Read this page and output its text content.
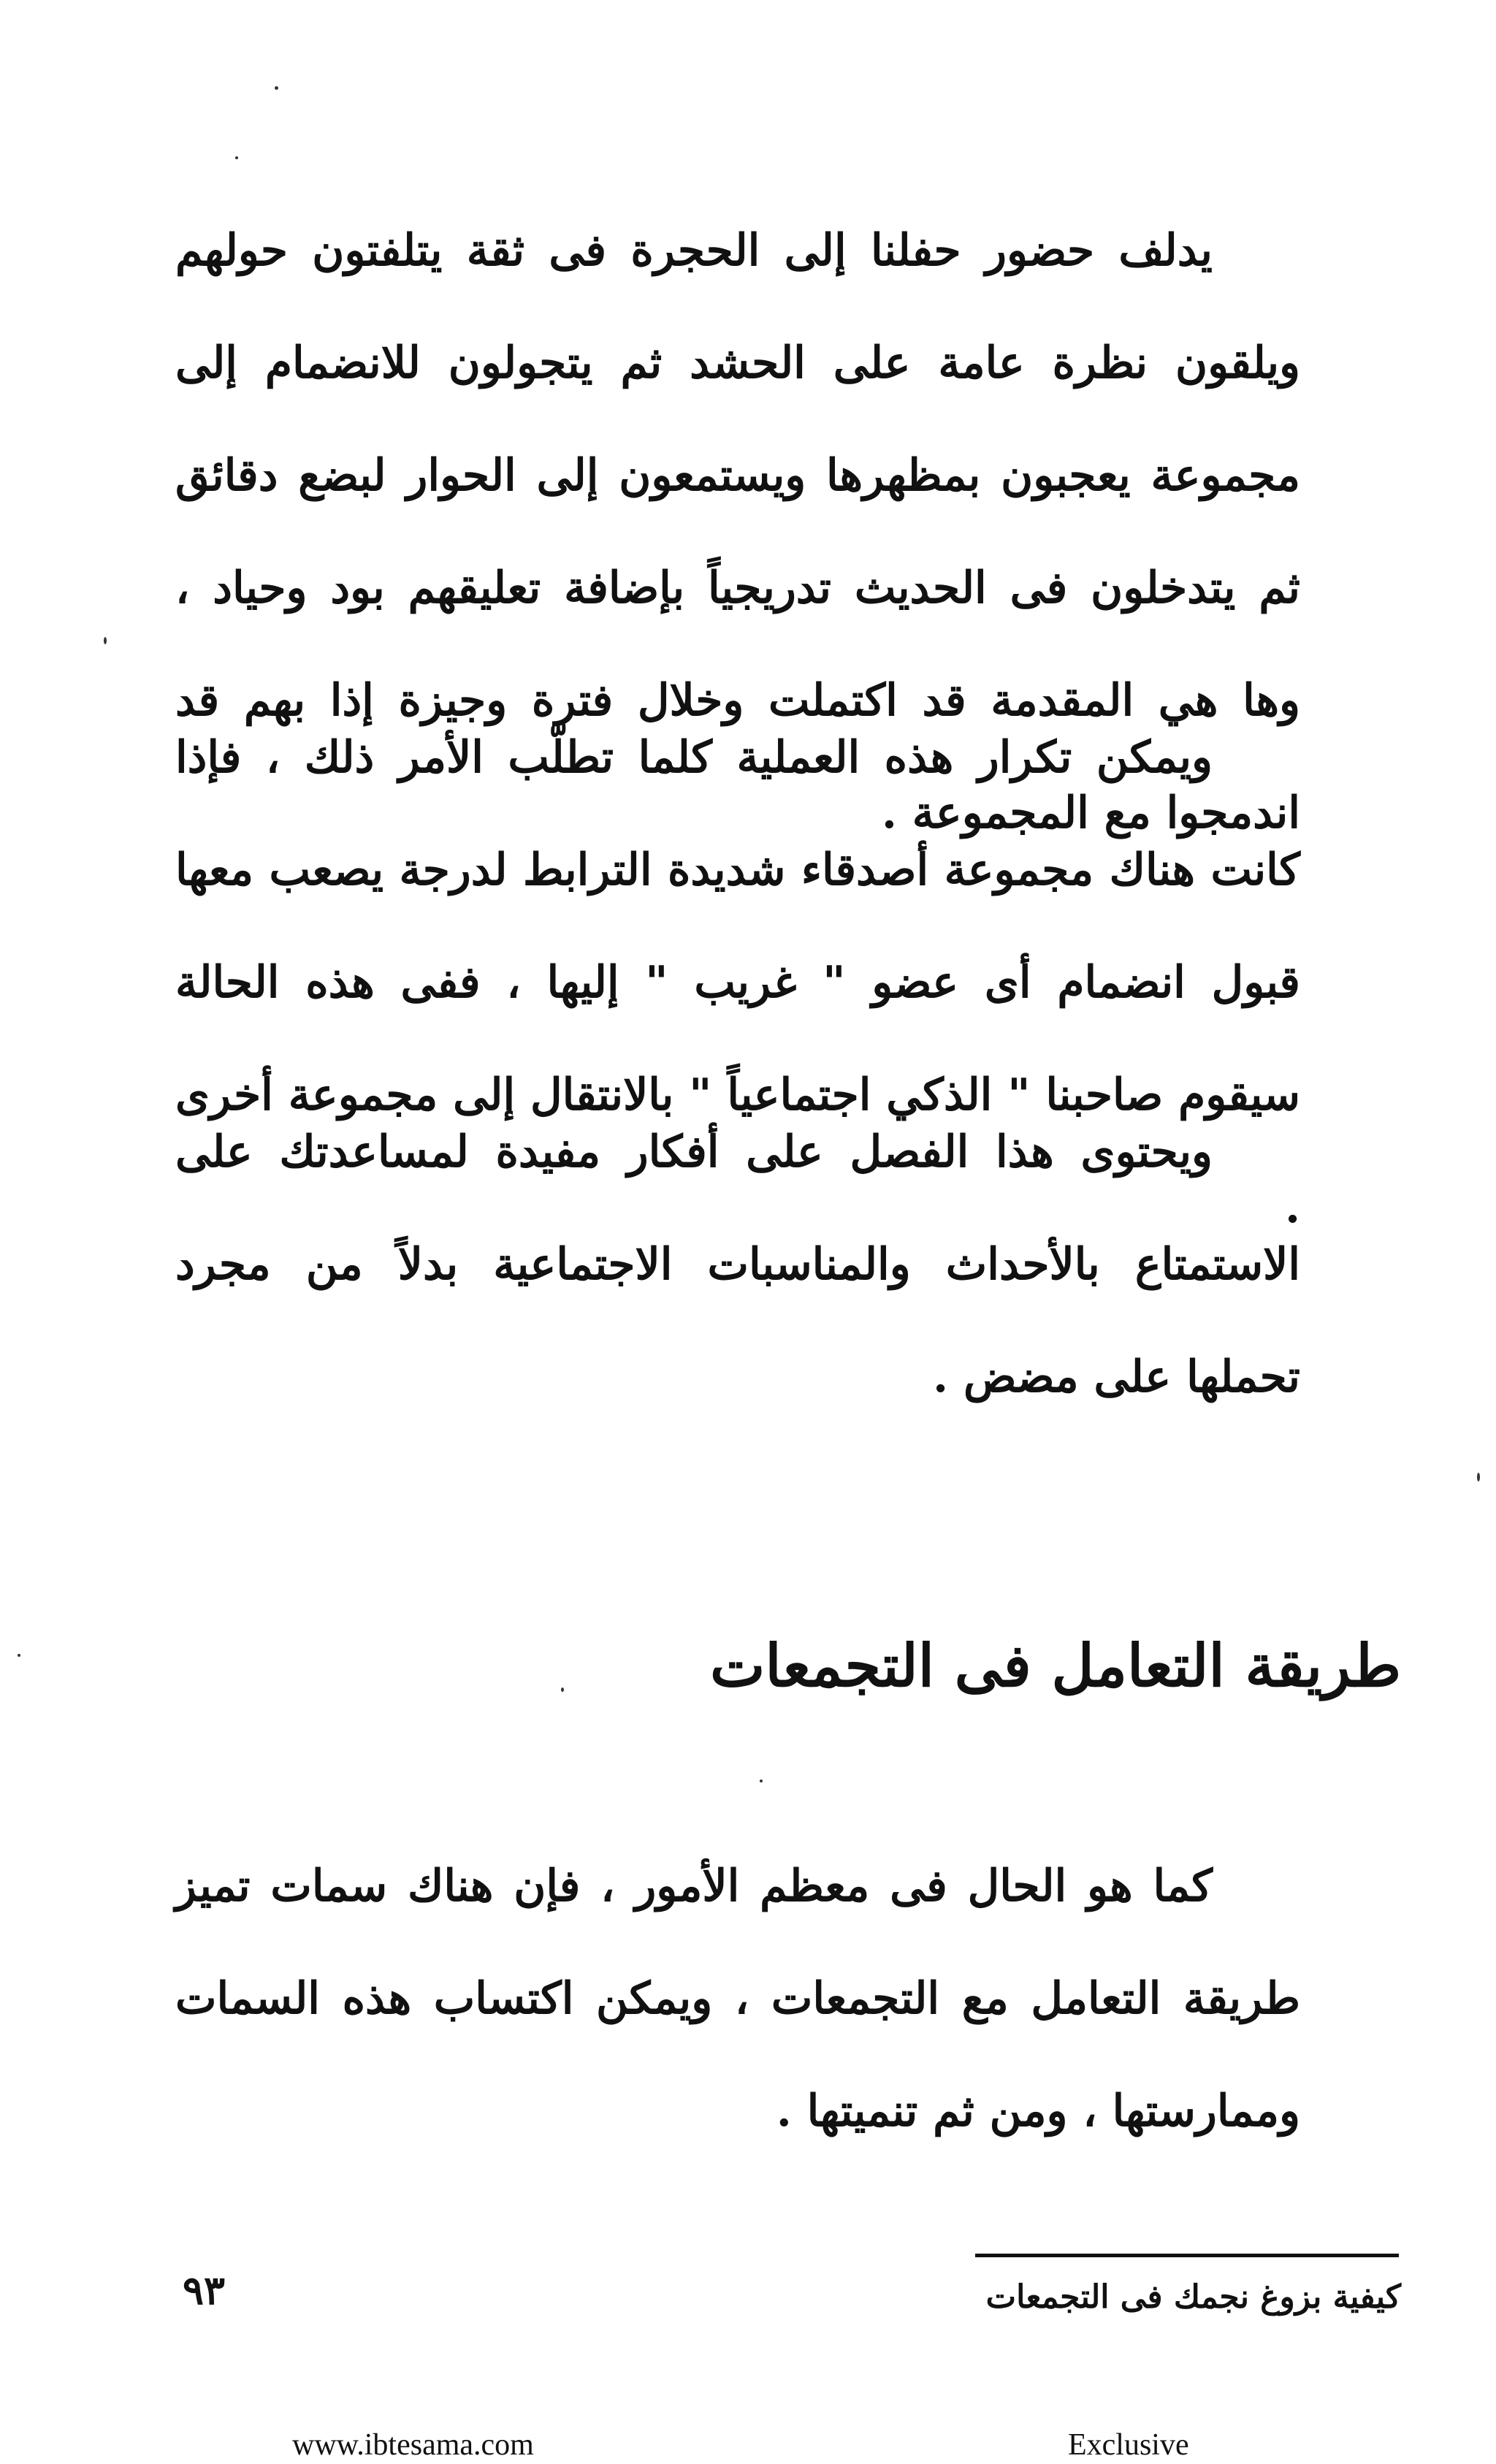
يدلف حضور حفلنا إلى الحجرة فى ثقة يتلفتون حولهم ويلقون نظرة عامة على الحشد ثم يتجولون للانضمام إلى مجموعة يعجبون بمظهرها ويستمعون إلى الحوار لبضع دقائق ثم يتدخلون فى الحديث تدريجياً بإضافة تعليقهم بود وحياد ، وها هي المقدمة قد اكتملت وخلال فترة وجيزة إذا بهم قد اندمجوا مع المجموعة .
ويمكن تكرار هذه العملية كلما تطلّب الأمر ذلك ، فإذا كانت هناك مجموعة أصدقاء شديدة الترابط لدرجة يصعب معها قبول انضمام أى عضو " غريب " إليها ، ففى هذه الحالة سيقوم صاحبنا " الذكي اجتماعياً " بالانتقال إلى مجموعة أخرى .
ويحتوى هذا الفصل على أفكار مفيدة لمساعدتك على الاستمتاع بالأحداث والمناسبات الاجتماعية بدلاً من مجرد تحملها على مضض .
طريقة التعامل فى التجمعات
كما هو الحال فى معظم الأمور ، فإن هناك سمات تميز طريقة التعامل مع التجمعات ، ويمكن اكتساب هذه السمات وممارستها ، ومن ثم تنميتها .
كيفية بزوغ نجمك فى التجمعات
٩٣
www.ibtesama.com	Exclusive
